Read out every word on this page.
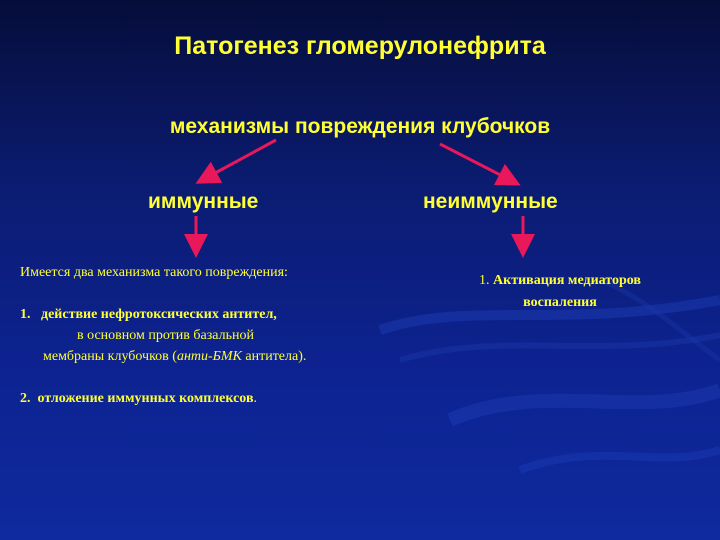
Патогенез гломерулонефрита
механизмы повреждения клубочков
иммунные	неиммунные

Имеется два механизма такого повреждения:

1. действие нефротоксических антител,

в основном против базальной

мембраны клубочков (анти-БМК антитела).

2. отложение иммунных комплексов.

1. Активация медиаторов

воспаления
